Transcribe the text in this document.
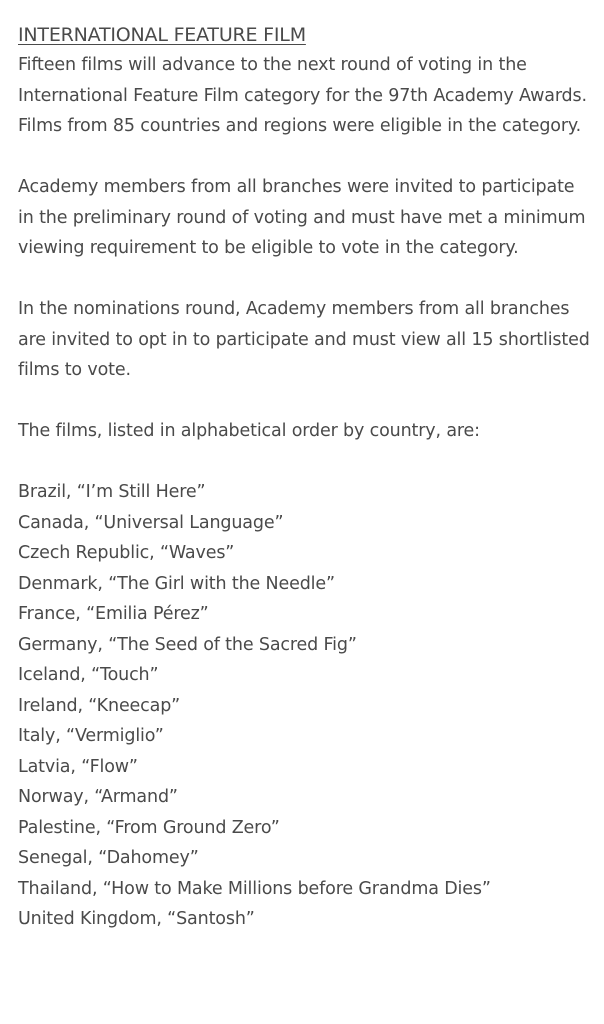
INTERNATIONAL FEATURE FILM

Fifteen films will advance to the next round of voting in the International Feature Film category for the 97th Academy Awards. Films from 85 countries and regions were eligible in the category.

Academy members from all branches were invited to participate in the preliminary round of voting and must have met a minimum viewing requirement to be eligible to vote in the category.

In the nominations round, Academy members from all branches are invited to opt in to participate and must view all 15 shortlisted films to vote.

The films, listed in alphabetical order by country, are:

Brazil, “I’m Still Here”
Canada, “Universal Language”
Czech Republic, “Waves”
Denmark, “The Girl with the Needle”
France, “Emilia Pérez”
Germany, “The Seed of the Sacred Fig”
Iceland, “Touch”
Ireland, “Kneecap”
Italy, “Vermiglio”
Latvia, “Flow”
Norway, “Armand”
Palestine, “From Ground Zero”
Senegal, “Dahomey”
Thailand, “How to Make Millions before Grandma Dies”
United Kingdom, “Santosh”
